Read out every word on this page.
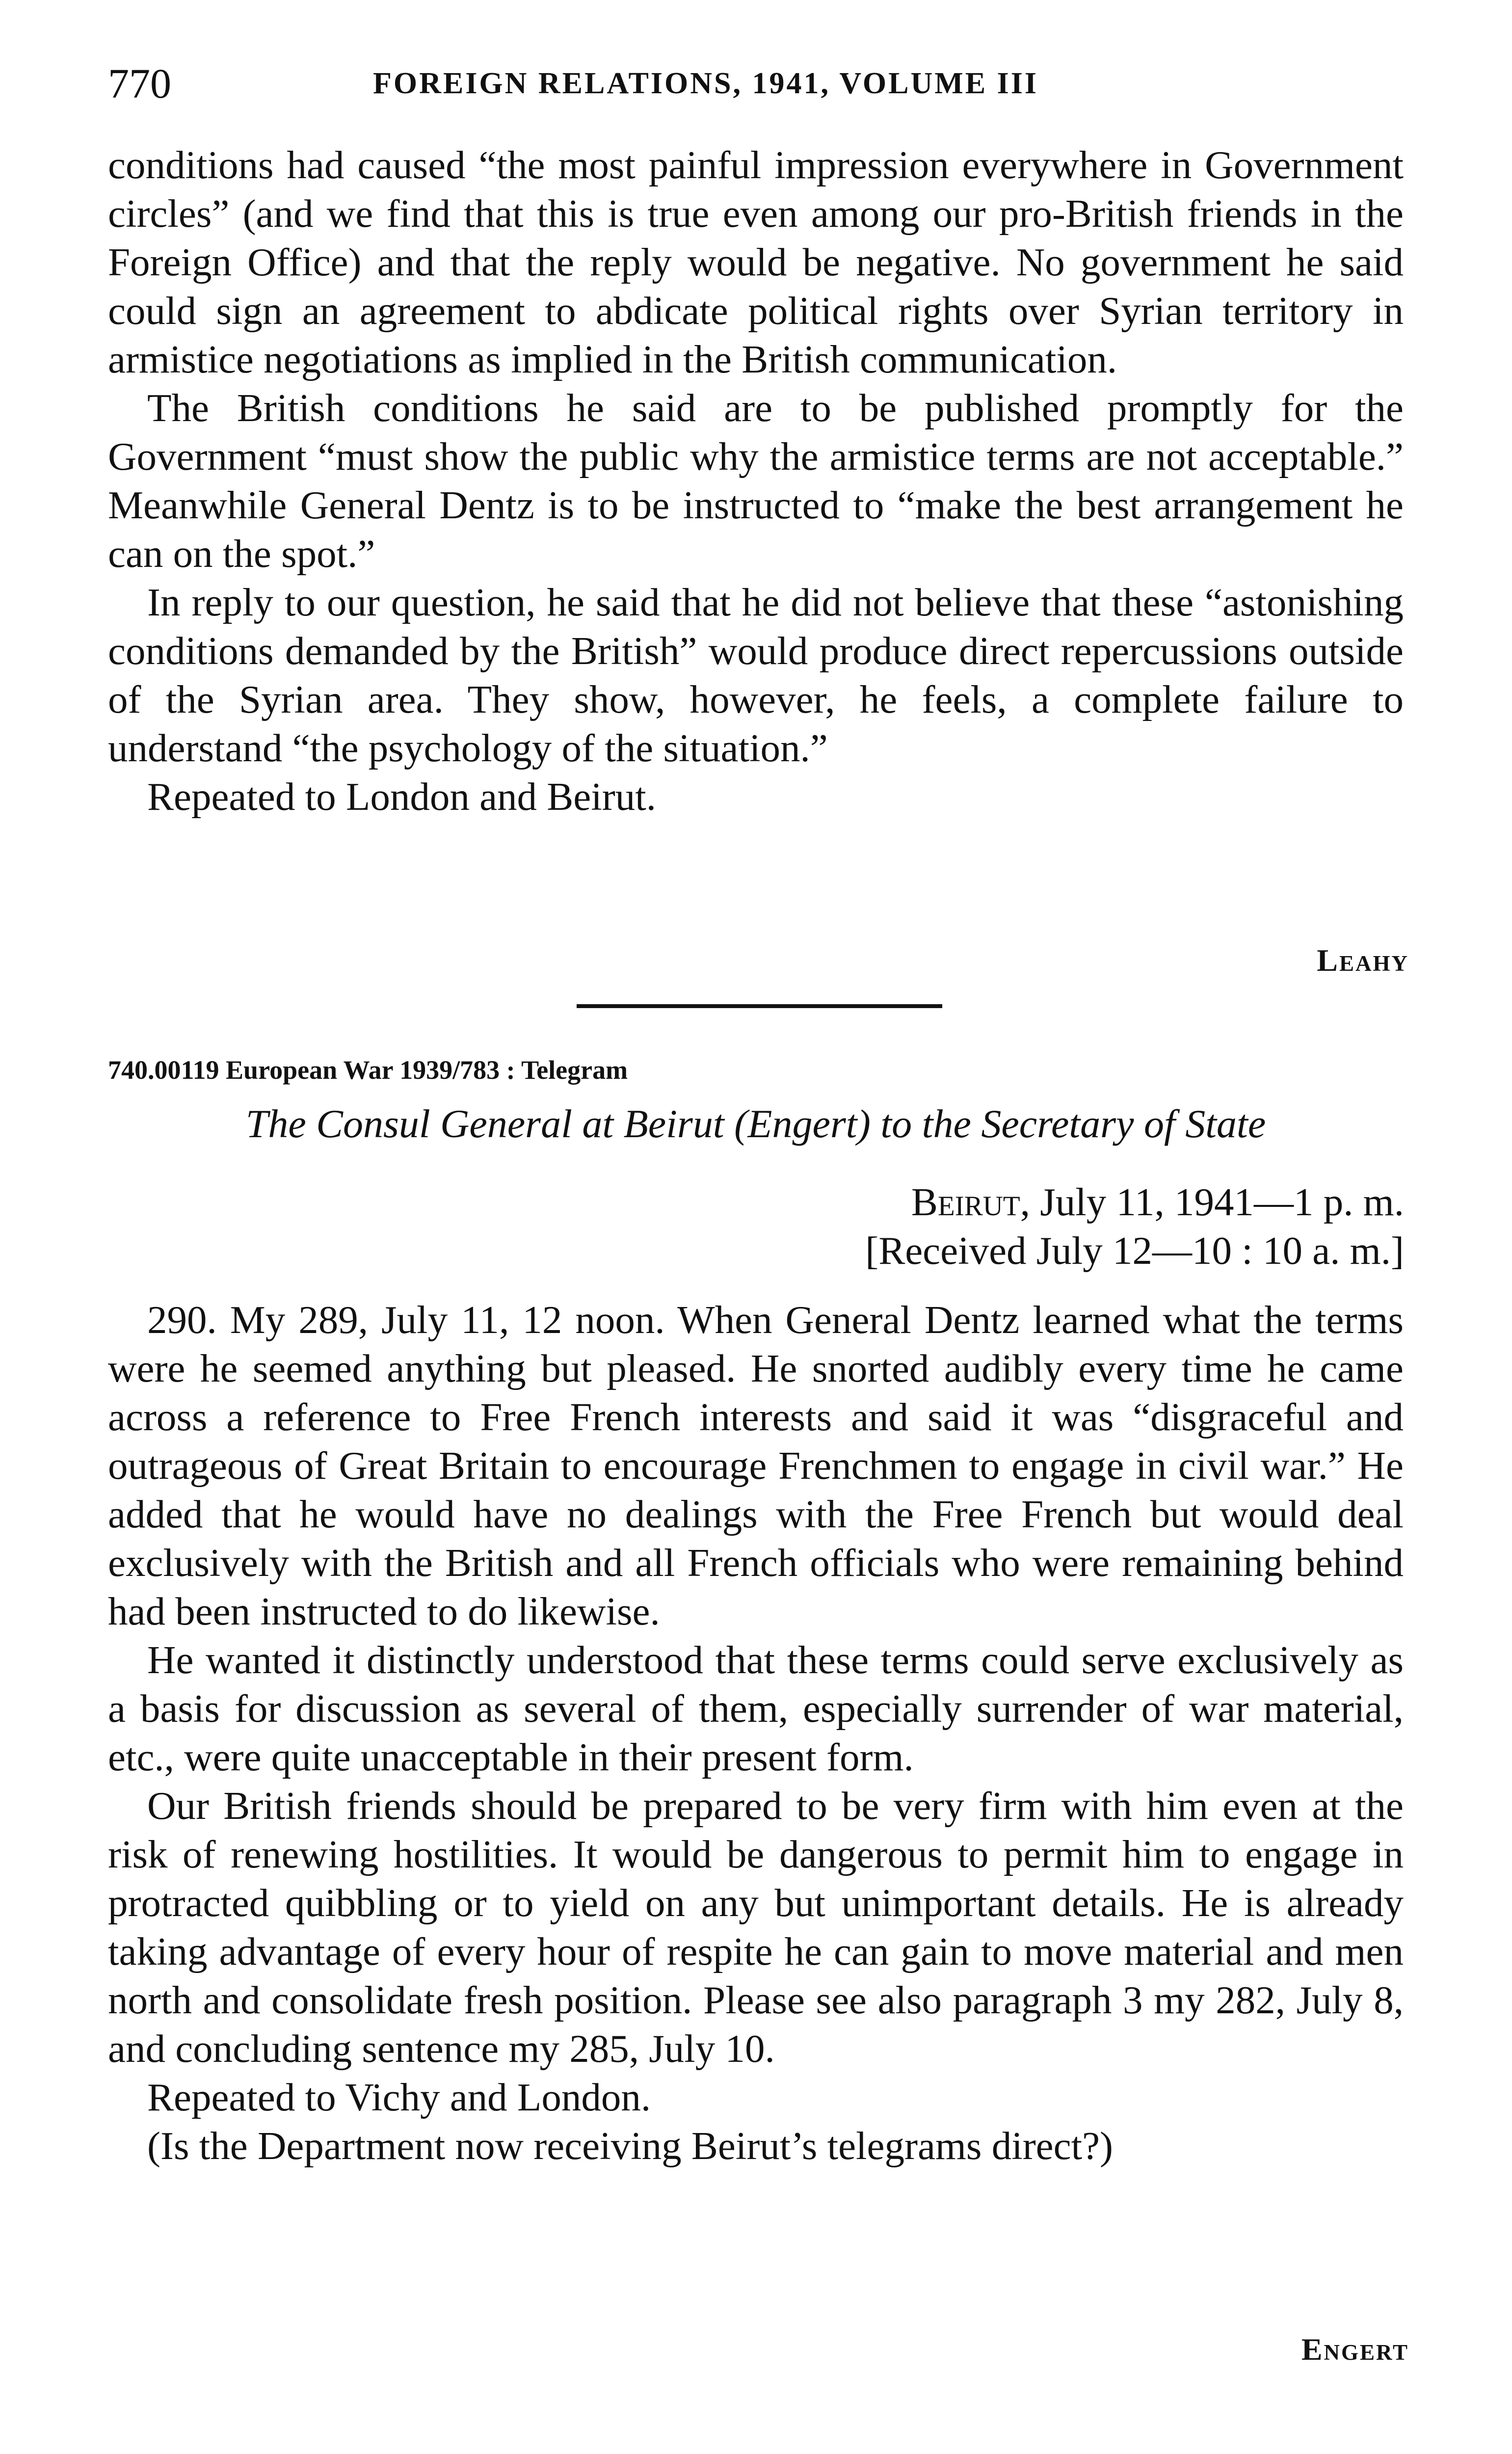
770	FOREIGN RELATIONS, 1941, VOLUME III

conditions had caused “the most painful impression everywhere in Government circles” (and we find that this is true even among our pro-British friends in the Foreign Office) and that the reply would be negative. No government he said could sign an agreement to abdicate political rights over Syrian territory in armistice negotiations as implied in the British communication.

The British conditions he said are to be published promptly for the Government “must show the public why the armistice terms are not acceptable.” Meanwhile General Dentz is to be instructed to “make the best arrangement he can on the spot.”

In reply to our question, he said that he did not believe that these “astonishing conditions demanded by the British” would produce direct repercussions outside of the Syrian area. They show, however, he feels, a complete failure to understand “the psychology of the situation.”

Repeated to London and Beirut.

Leahy
740.00119 European War 1939/783 : Telegram
The Consul General at Beirut (Engert) to the Secretary of State
Beirut, July 11, 1941—1 p. m.
[Received July 12—10 : 10 a. m.]

290. My 289, July 11, 12 noon. When General Dentz learned what the terms were he seemed anything but pleased. He snorted audibly every time he came across a reference to Free French interests and said it was “disgraceful and outrageous of Great Britain to encourage Frenchmen to engage in civil war.” He added that he would have no dealings with the Free French but would deal exclusively with the British and all French officials who were remaining behind had been instructed to do likewise.

He wanted it distinctly understood that these terms could serve exclusively as a basis for discussion as several of them, especially surrender of war material, etc., were quite unacceptable in their present form.

Our British friends should be prepared to be very firm with him even at the risk of renewing hostilities. It would be dangerous to permit him to engage in protracted quibbling or to yield on any but unimportant details. He is already taking advantage of every hour of respite he can gain to move material and men north and consolidate fresh position. Please see also paragraph 3 my 282, July 8, and concluding sentence my 285, July 10.

Repeated to Vichy and London.

(Is the Department now receiving Beirut’s telegrams direct?)

Engert
